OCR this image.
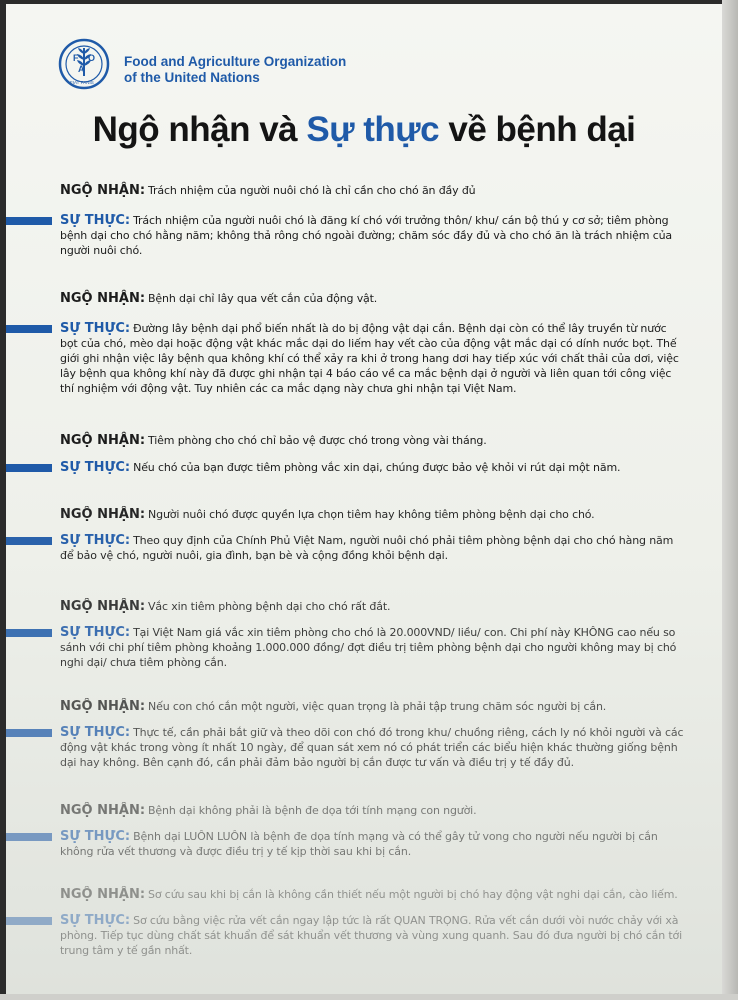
F O
A
FIAT PANIS
Food and Agriculture Organization
of the United Nations
Ngộ nhận và Sự thực về bệnh dại
NGỘ NHẬN: Trách nhiệm của người nuôi chó là chỉ cần cho chó ăn đầy đủ
SỰ THỰC: Trách nhiệm của người nuôi chó là đăng kí chó với trưởng thôn/ khu/ cán bộ thú y cơ sở; tiêm phòng
bệnh dại cho chó hằng năm; không thả rông chó ngoài đường; chăm sóc đầy đủ và cho chó ăn là trách nhiệm của
người nuôi chó.
NGỘ NHẬN: Bệnh dại chỉ lây qua vết cắn của động vật.
SỰ THỰC: Đường lây bệnh dại phổ biến nhất là do bị động vật dại cắn. Bệnh dại còn có thể lây truyền từ nước
bọt của chó, mèo dại hoặc động vật khác mắc dại do liếm hay vết cào của động vật mắc dại có dính nước bọt. Thế
giới ghi nhận việc lây bệnh qua không khí có thể xảy ra khi ở trong hang dơi hay tiếp xúc với chất thải của dơi, việc
lây bệnh qua không khí này đã được ghi nhận tại 4 báo cáo về ca mắc bệnh dại ở người và liên quan tới công việc
thí nghiệm với động vật. Tuy nhiên các ca mắc dạng này chưa ghi nhận tại Việt Nam.
NGỘ NHẬN: Tiêm phòng cho chó chỉ bảo vệ được chó trong vòng vài tháng.
SỰ THỰC: Nếu chó của bạn được tiêm phòng vắc xin dại, chúng được bảo vệ khỏi vi rút dại một năm.
NGỘ NHẬN: Người nuôi chó được quyền lựa chọn tiêm hay không tiêm phòng bệnh dại cho chó.
SỰ THỰC: Theo quy định của Chính Phủ Việt Nam, người nuôi chó phải tiêm phòng bệnh dại cho chó hàng năm
để bảo vệ chó, người nuôi, gia đình, bạn bè và cộng đồng khỏi bệnh dại.
NGỘ NHẬN: Vắc xin tiêm phòng bệnh dại cho chó rất đắt.
SỰ THỰC: Tại Việt Nam giá vắc xin tiêm phòng cho chó là 20.000VND/ liều/ con. Chi phí này KHÔNG cao nếu so
sánh với chi phí tiêm phòng khoảng 1.000.000 đồng/ đợt điều trị tiêm phòng bệnh dại cho người không may bị chó
nghi dại/ chưa tiêm phòng cắn.
NGỘ NHẬN: Nếu con chó cắn một người, việc quan trọng là phải tập trung chăm sóc người bị cắn.
SỰ THỰC: Thực tế, cần phải bắt giữ và theo dõi con chó đó trong khu/ chuồng riêng, cách ly nó khỏi người và các
động vật khác trong vòng ít nhất 10 ngày, để quan sát xem nó có phát triển các biểu hiện khác thường giống bệnh
dại hay không. Bên cạnh đó, cần phải đảm bảo người bị cắn được tư vấn và điều trị y tế đầy đủ.
NGỘ NHẬN: Bệnh dại không phải là bệnh đe dọa tới tính mạng con người.
SỰ THỰC: Bệnh dại LUÔN LUÔN là bệnh đe dọa tính mạng và có thể gây tử vong cho người nếu người bị cắn
không rửa vết thương và được điều trị y tế kịp thời sau khi bị cắn.
NGỘ NHẬN: Sơ cứu sau khi bị cắn là không cần thiết nếu một người bị chó hay động vật nghi dại cắn, cào liếm.
SỰ THỰC: Sơ cứu bằng việc rửa vết cắn ngay lập tức là rất QUAN TRỌNG. Rửa vết cắn dưới vòi nước chảy với xà
phòng. Tiếp tục dùng chất sát khuẩn để sát khuẩn vết thương và vùng xung quanh. Sau đó đưa người bị chó cắn tới
trung tâm y tế gần nhất.
